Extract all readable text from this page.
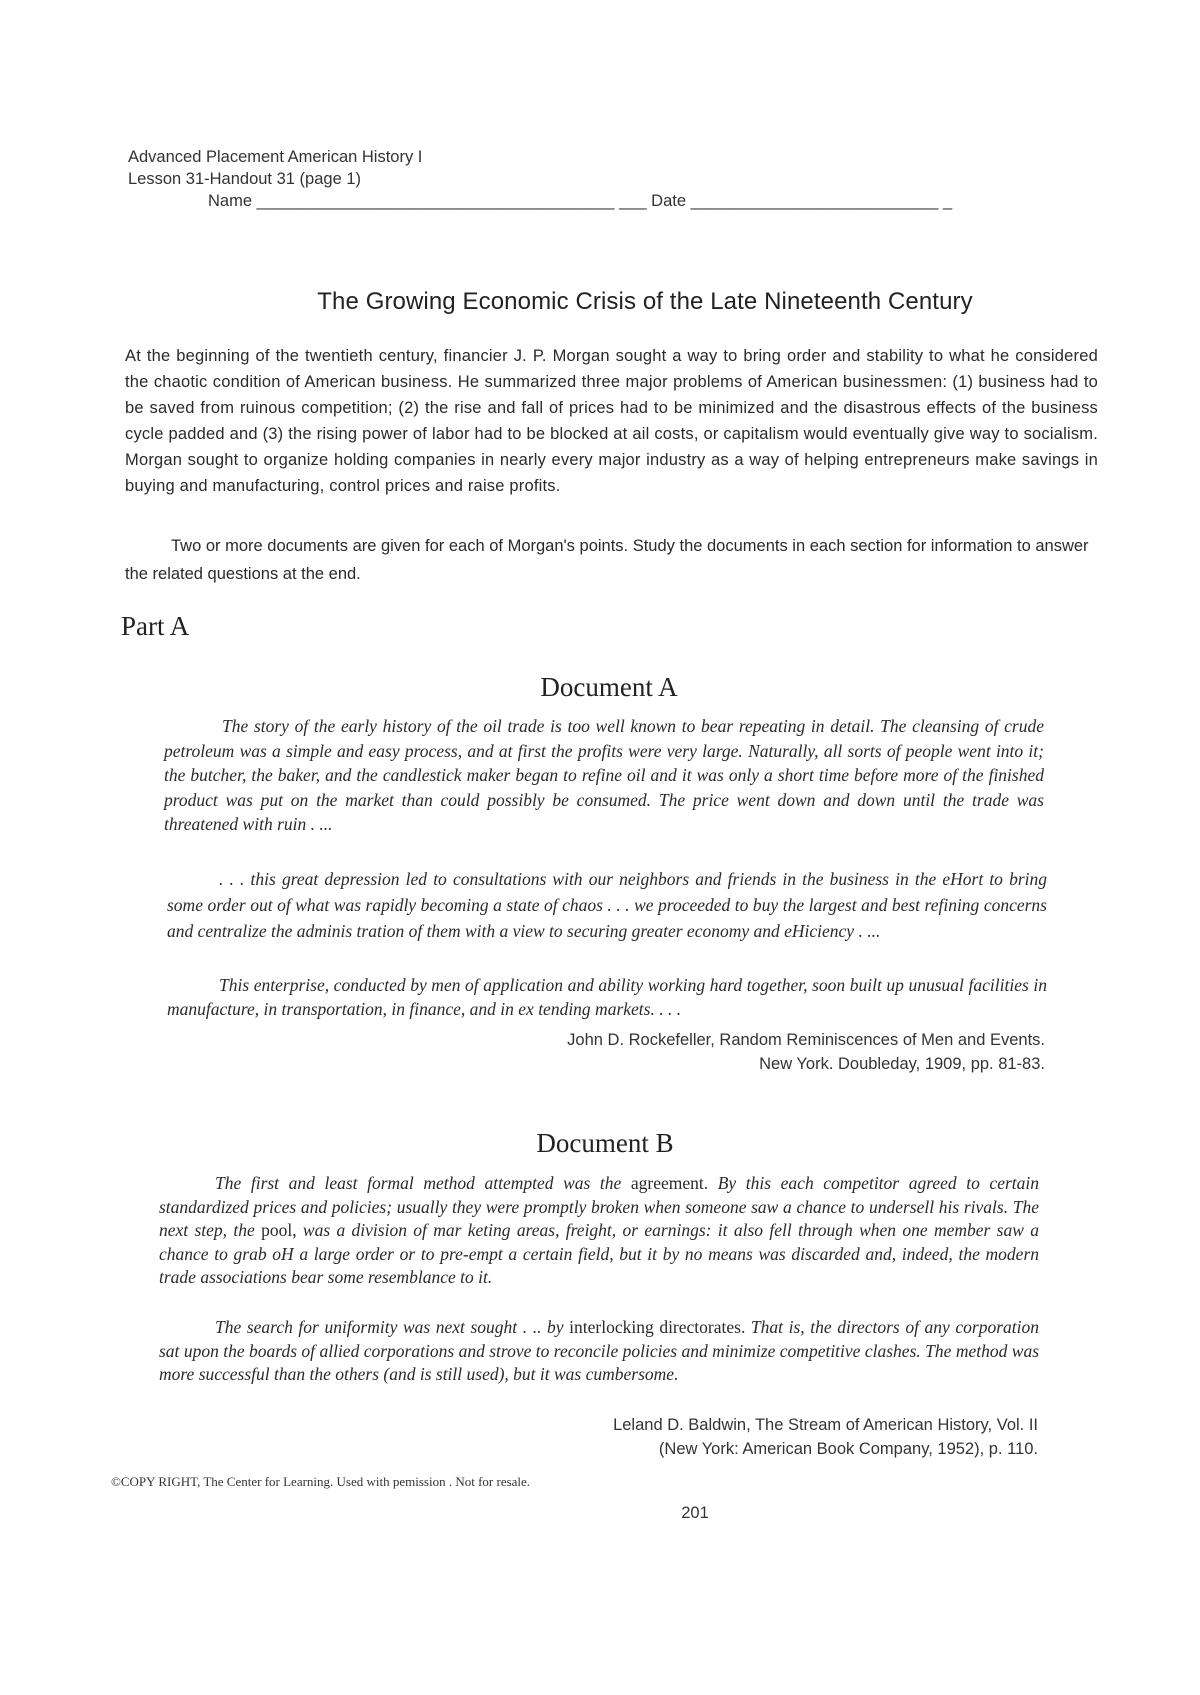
Advanced Placement American History I
Lesson 31-Handout 31 (page 1)
Name _______________________________________ ___ Date ___________________________ _
The Growing Economic Crisis of the Late Nineteenth Century

At the beginning of the twentieth century, financier J. P. Morgan sought a way to bring order and stability to what he considered the chaotic condition of American business. He summarized three major problems of American businessmen: (1) business had to be saved from ruinous competition; (2) the rise and fall of prices had to be minimized and the disastrous effects of the business cycle padded and (3) the rising power of labor had to be blocked at ail costs, or capitalism would eventually give way to socialism. Morgan sought to organize holding companies in nearly every major industry as a way of helping entrepreneurs make savings in buying and manufacturing, control prices and raise profits.

Two or more documents are given for each of Morgan's points. Study the documents in each section for information to answer the related questions at the end.

Part A
Document A

The story of the early history of the oil trade is too well known to bear repeating in detail. The cleansing of crude petroleum was a simple and easy process, and at first the profits were very large. Naturally, all sorts of people went into it; the butcher, the baker, and the candlestick maker began to refine oil and it was only a short time before more of the finished product was put on the market than could possibly be consumed. The price went down and down until the trade was threatened with ruin . ...

. . . this great depression led to consultations with our neighbors and friends in the business in the eHort to bring some order out of what was rapidly becoming a state of chaos . . . we proceeded to buy the largest and best refining concerns and centralize the adminis tration of them with a view to securing greater economy and eHiciency . ...

This enterprise, conducted by men of application and ability working hard together, soon built up unusual facilities in manufacture, in transportation, in finance, and in ex tending markets. . . .

John D. Rockefeller, Random Reminiscences of Men and Events.
New York. Doubleday, 1909, pp. 81-83.
Document B

The first and least formal method attempted was the agreement. By this each competitor agreed to certain standardized prices and policies; usually they were promptly broken when someone saw a chance to undersell his rivals. The next step, the pool, was a division of mar keting areas, freight, or earnings: it also fell through when one member saw a chance to grab oH a large order or to pre-empt a certain field, but it by no means was discarded and, indeed, the modern trade associations bear some resemblance to it.

The search for uniformity was next sought . .. by interlocking directorates. That is, the directors of any corporation sat upon the boards of allied corporations and strove to reconcile policies and minimize competitive clashes. The method was more successful than the others (and is still used), but it was cumbersome.

Leland D. Baldwin, The Stream of American History, Vol. II
(New York: American Book Company, 1952), p. 110.
©COPY RIGHT, The Center for Learning. Used with pemission . Not for resale.
201
